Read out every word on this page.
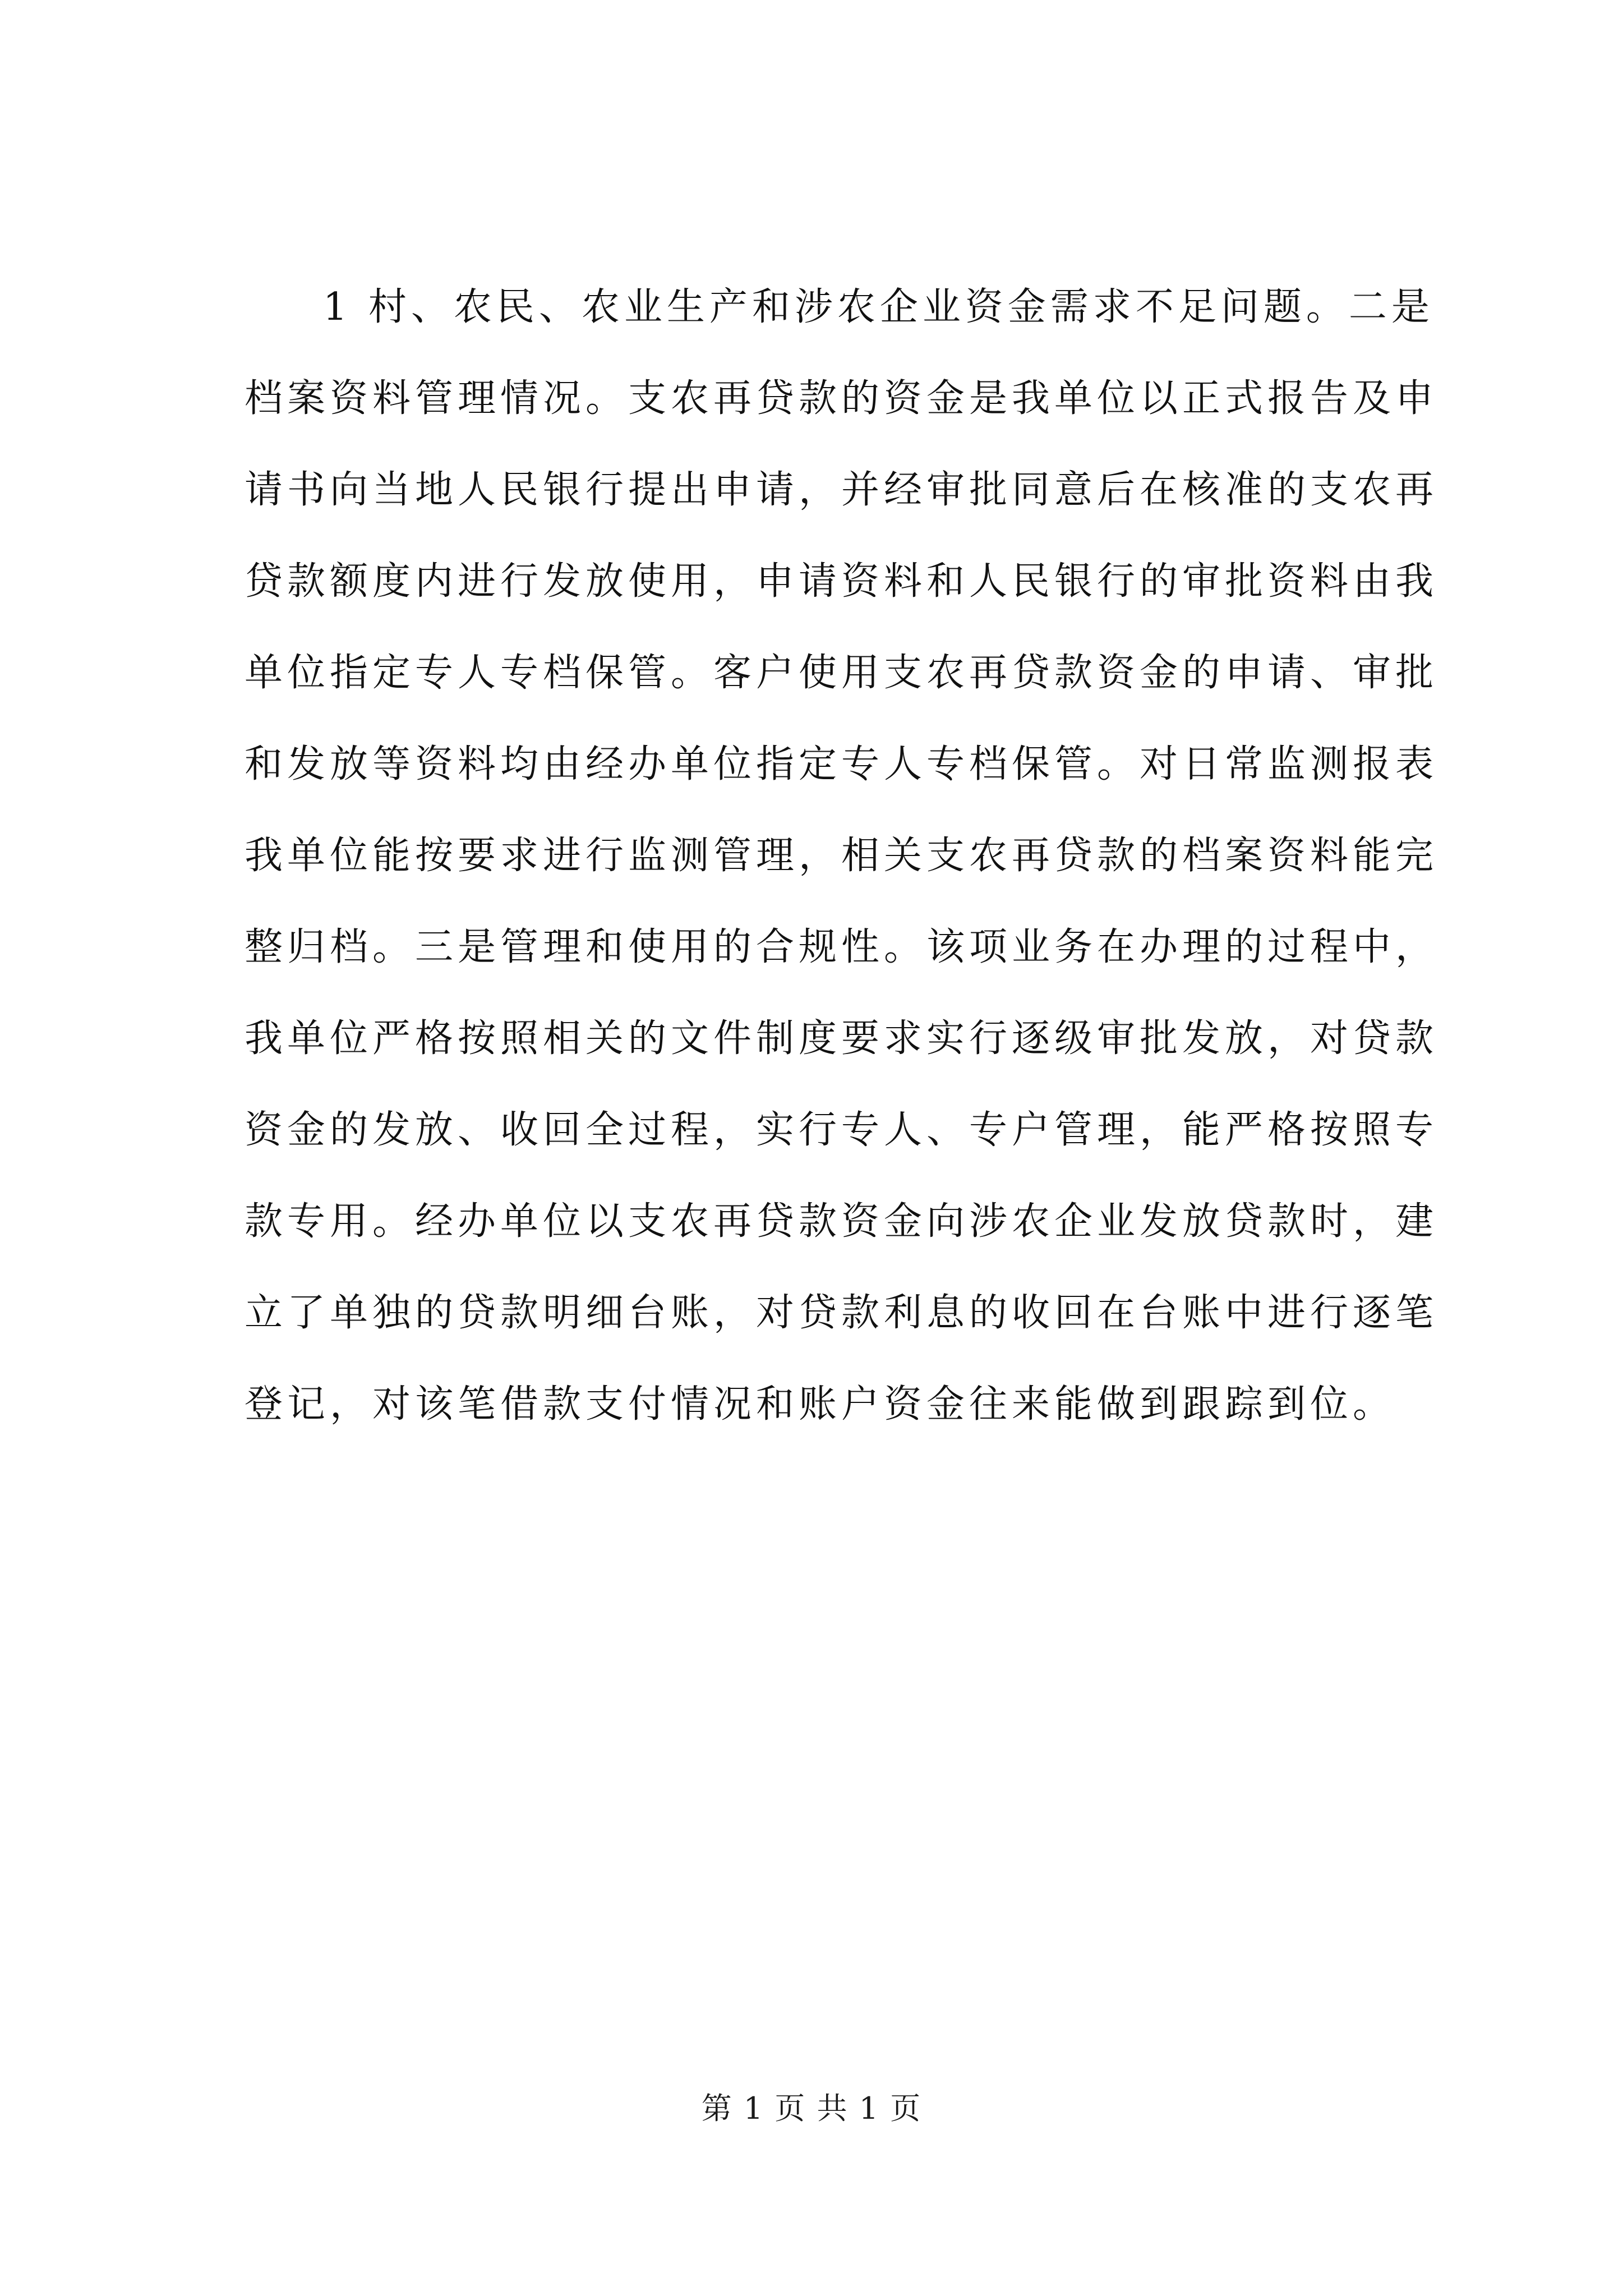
1 村、农民、农业生产和涉农企业资金需求不足问题。二是
档案资料管理情况。支农再贷款的资金是我单位以正式报告及申
请书向当地人民银行提出申请，并经审批同意后在核准的支农再
贷款额度内进行发放使用，申请资料和人民银行的审批资料由我
单位指定专人专档保管。客户使用支农再贷款资金的申请、审批
和发放等资料均由经办单位指定专人专档保管。对日常监测报表
我单位能按要求进行监测管理，相关支农再贷款的档案资料能完
整归档。三是管理和使用的合规性。该项业务在办理的过程中，
我单位严格按照相关的文件制度要求实行逐级审批发放，对贷款
资金的发放、收回全过程，实行专人、专户管理，能严格按照专
款专用。经办单位以支农再贷款资金向涉农企业发放贷款时，建
立了单独的贷款明细台账，对贷款利息的收回在台账中进行逐笔
登记，对该笔借款支付情况和账户资金往来能做到跟踪到位。
第 1 页 共 1 页
